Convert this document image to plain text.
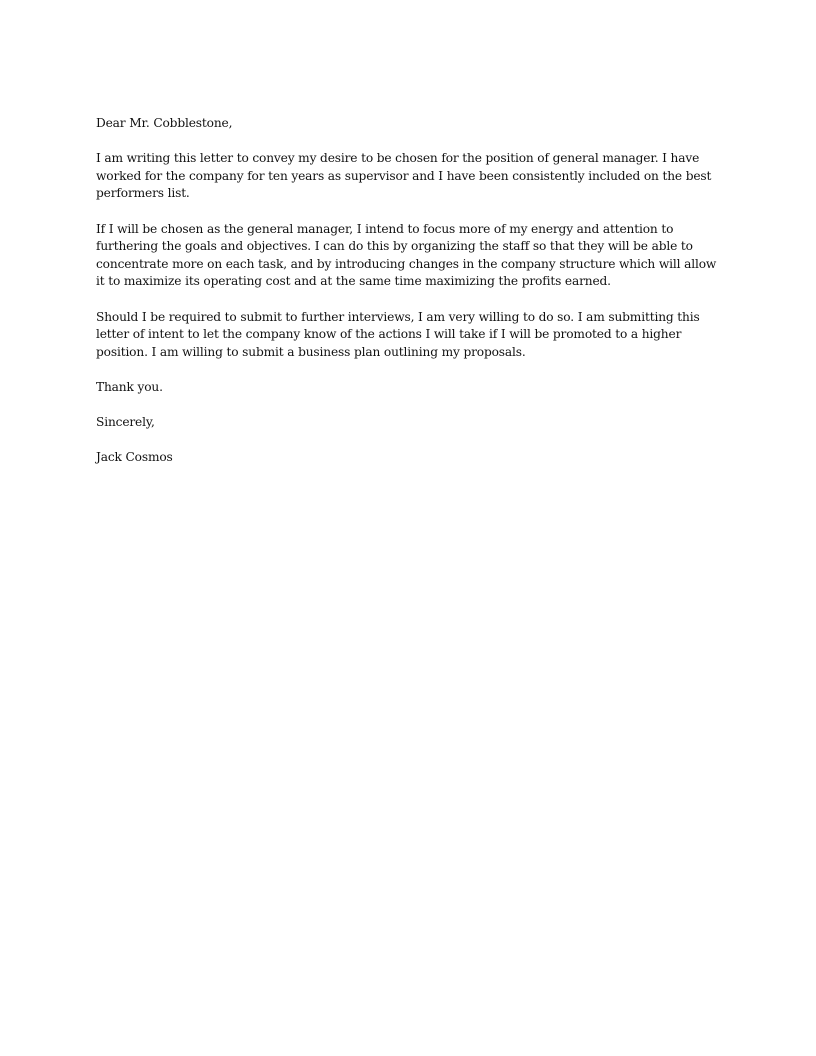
Dear Mr. Cobblestone,

I am writing this letter to convey my desire to be chosen for the position of general manager. I have worked for the company for ten years as supervisor and I have been consistently included on the best performers list.

If I will be chosen as the general manager, I intend to focus more of my energy and attention to furthering the goals and objectives. I can do this by organizing the staff so that they will be able to concentrate more on each task, and by introducing changes in the company structure which will allow it to maximize its operating cost and at the same time maximizing the profits earned.

Should I be required to submit to further interviews, I am very willing to do so. I am submitting this letter of intent to let the company know of the actions I will take if I will be promoted to a higher position. I am willing to submit a business plan outlining my proposals.

Thank you.

Sincerely,

Jack Cosmos
